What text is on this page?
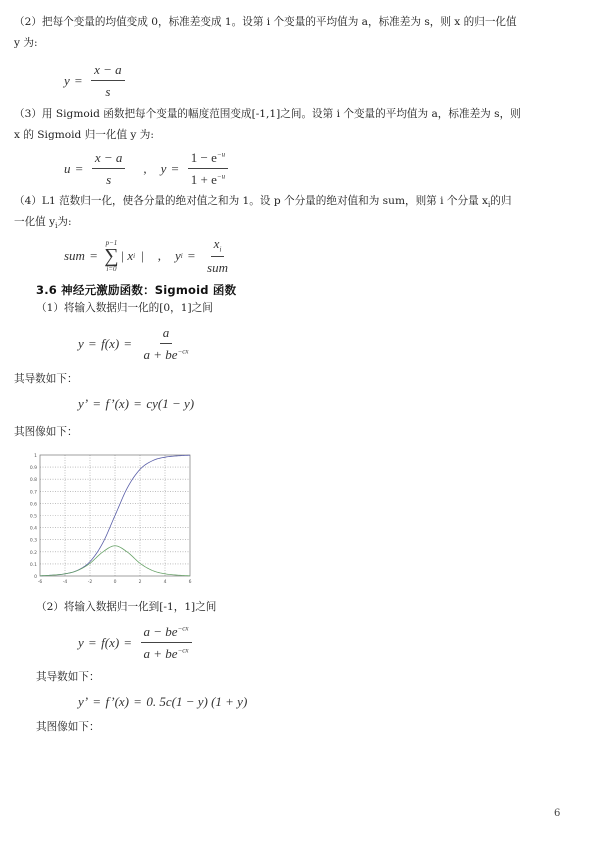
（2）把每个变量的均值变成 0，标准差变成 1。设第 i 个变量的平均值为 a，标准差为 s，则 x 的归一化值
y 为:
$y = \frac{x - a}{s}$
（3）用 Sigmoid 函数把每个变量的幅度范围变成[-1,1]之间。设第 i 个变量的平均值为 a，标准差为 s，则
x 的 Sigmoid 归一化值 y 为:
$u = \frac{x - a}{s}$ , $y = \frac{1 - e^{-u}}{1 + e^{-u}}$
（4）L1 范数归一化，使各分量的绝对值之和为 1。设 p 个分量的绝对值和为 sum，则第 i 个分量 $x_i$的归
一化值 $y_i$为:
sum =
p−1
∑
i=0
| x i | , y $i = \frac{x_i}{\text{sum}}$
3.6 神经元激励函数：Sigmoid 函数
（1）将输入数据归一化的[0，1]之间
$y = f(x) = \frac{a}{a + be^{-cx}}$
其导数如下：
y’ = f’(x) = cy(1 − y)
其图像如下：
0
0.1
0.2
0.3
0.4
0.5
0.6
0.7
0.8
0.9
1
-6	-4	-2	0	2	4	6
（2）将输入数据归一化到[-1，1]之间
$y = f(x) = \frac{a - be^{-cx}}{a + be^{-cx}}$
其导数如下：
y’ = f’(x) = 0. 5c(1 − y) (1 + y)
其图像如下：
6
